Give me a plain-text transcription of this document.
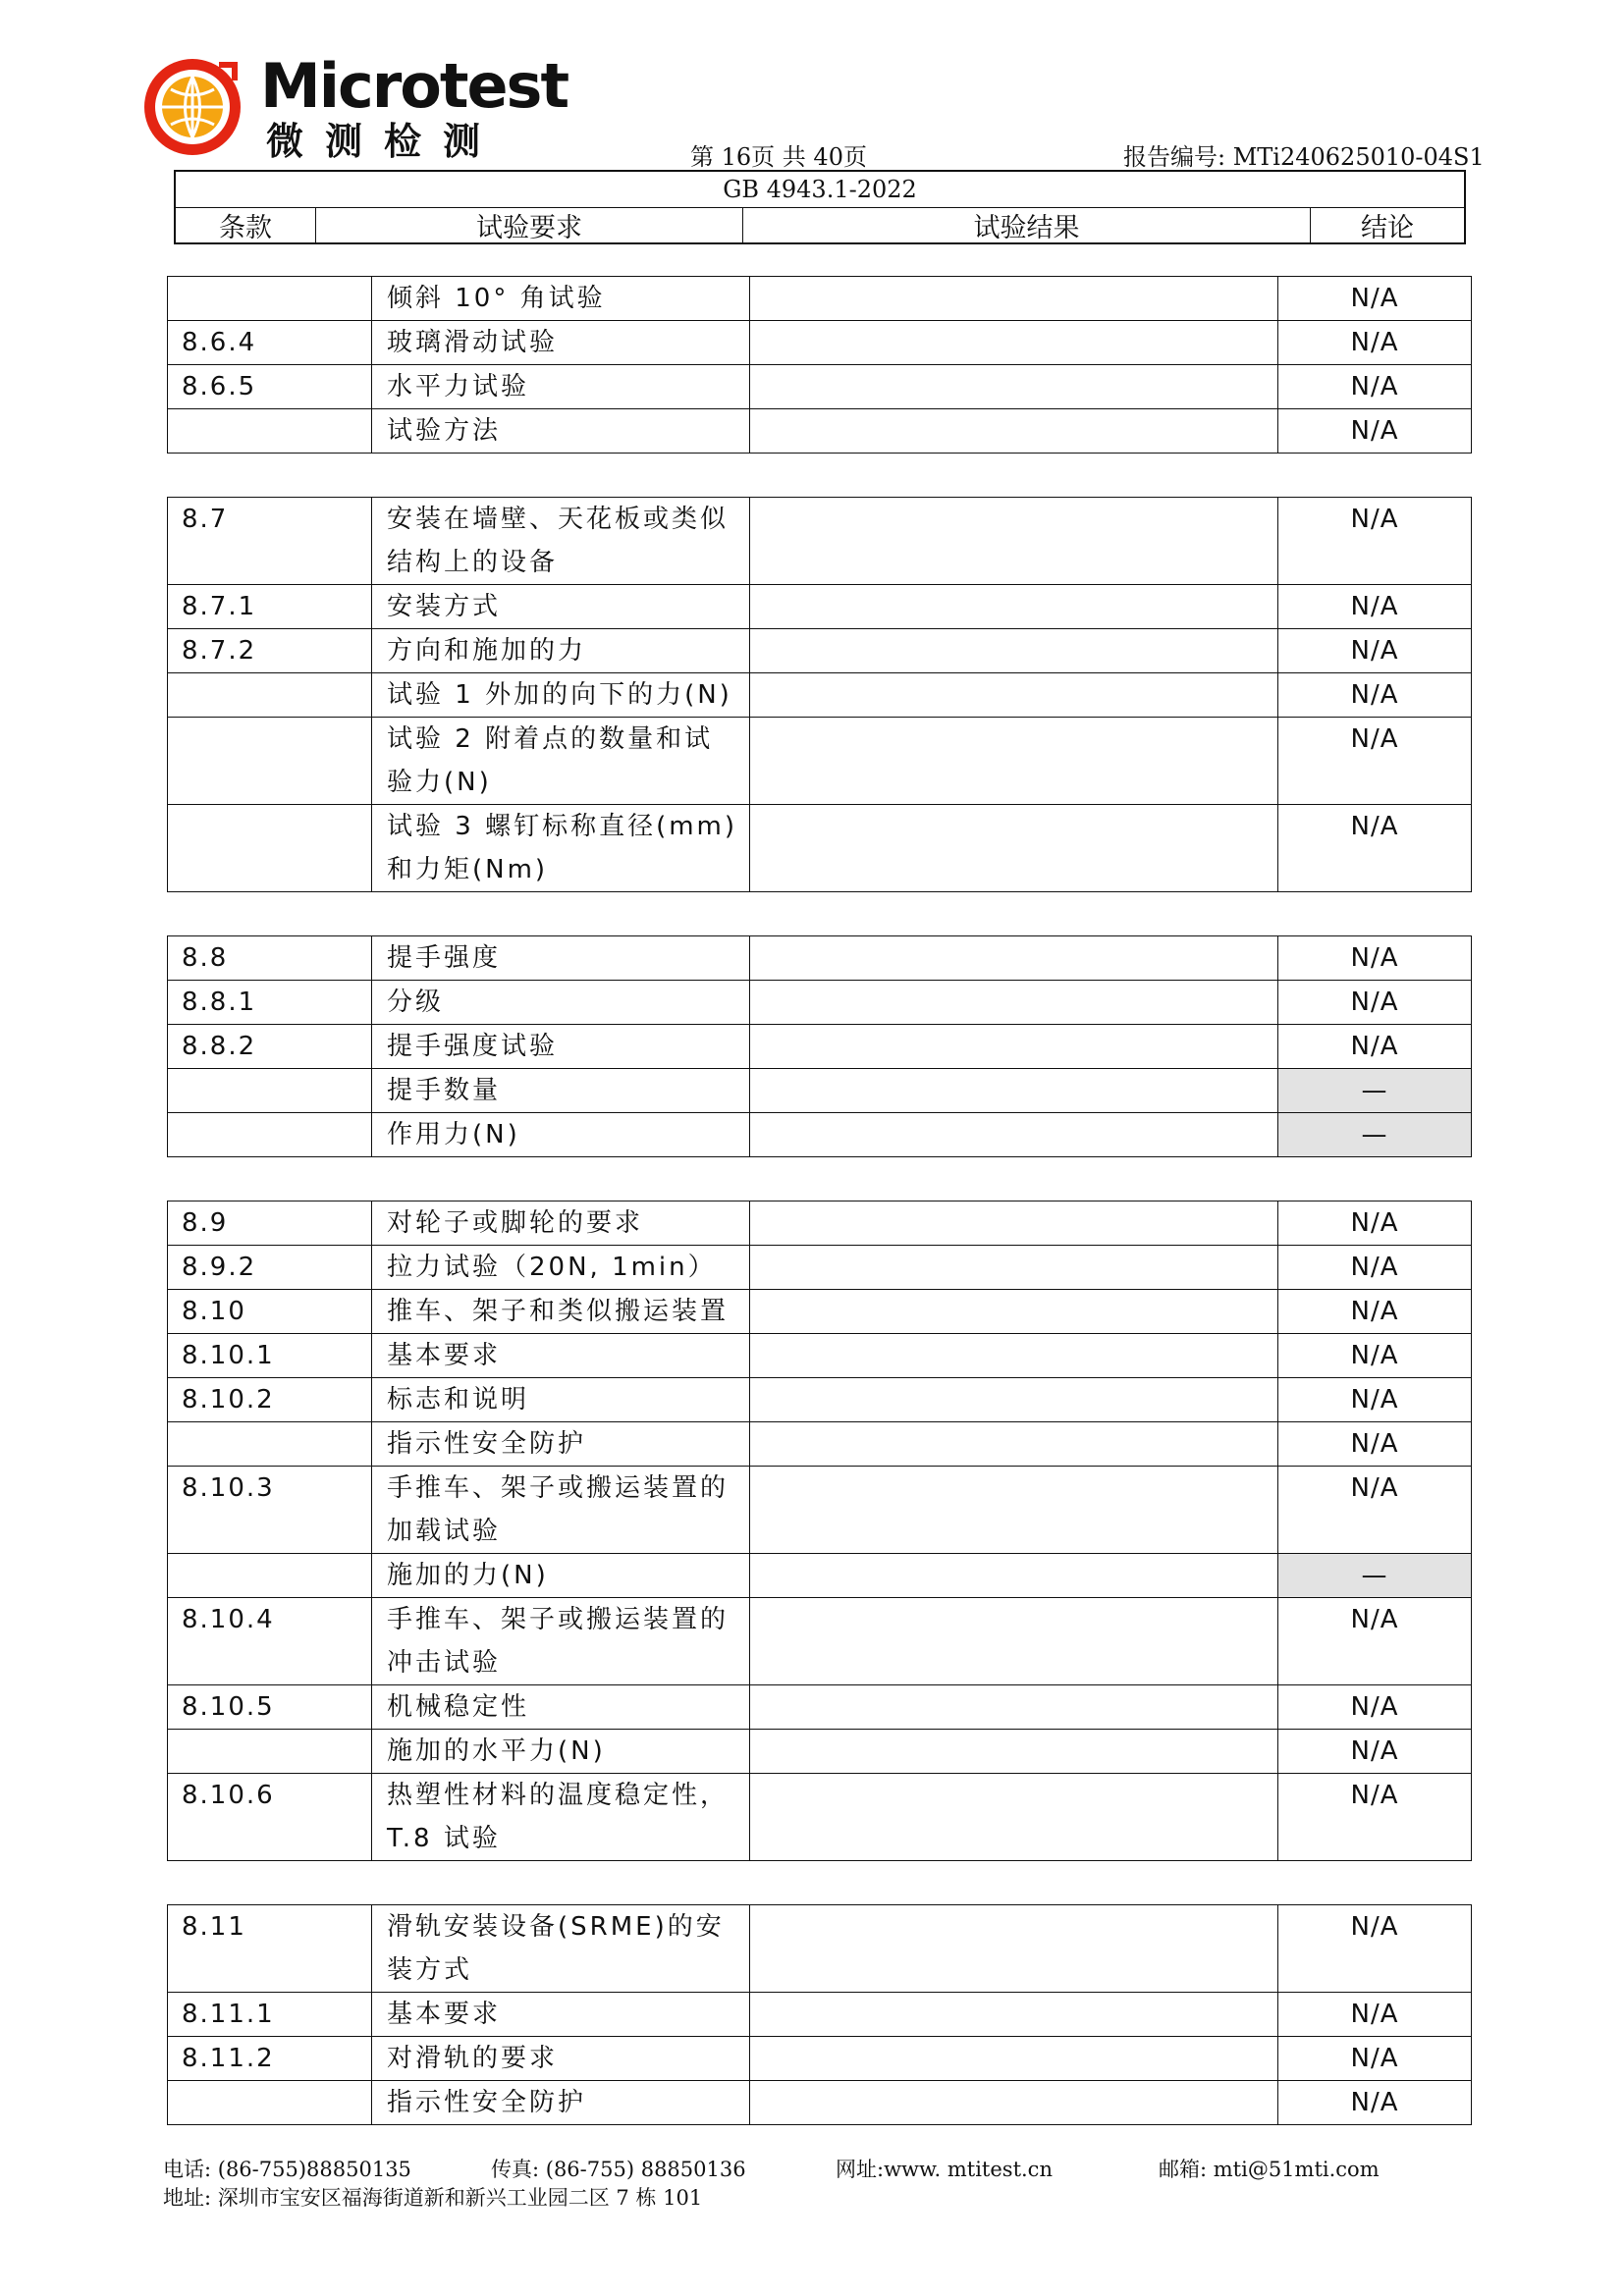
Microtest
微测检测	第 16页 共 40页	报告编号: MTi240625010-04S1
GB 4943.1-2022
条款	试验要求	试验结果	结论
	倾斜 10° 角试验		N/A
8.6.4	玻璃滑动试验		N/A
8.6.5	水平力试验		N/A
	试验方法		N/A
8.7	安装在墙壁、天花板或类似结构上的设备		N/A
8.7.1	安装方式		N/A
8.7.2	方向和施加的力		N/A
	试验 1 外加的向下的力(N)		N/A
	试验 2 附着点的数量和试验力(N)		N/A
	试验 3 螺钉标称直径(mm)和力矩(Nm)		N/A
8.8	提手强度		N/A
8.8.1	分级		N/A
8.8.2	提手强度试验		N/A
	提手数量		—
	作用力(N)		—
8.9	对轮子或脚轮的要求		N/A
8.9.2	拉力试验（20N, 1min）		N/A
8.10	推车、架子和类似搬运装置		N/A
8.10.1	基本要求		N/A
8.10.2	标志和说明		N/A
	指示性安全防护		N/A
8.10.3	手推车、架子或搬运装置的加载试验		N/A
	施加的力(N)		—
8.10.4	手推车、架子或搬运装置的冲击试验		N/A
8.10.5	机械稳定性		N/A
	施加的水平力(N)		N/A
8.10.6	热塑性材料的温度稳定性，T.8 试验		N/A
8.11	滑轨安装设备(SRME)的安装方式		N/A
8.11.1	基本要求		N/A
8.11.2	对滑轨的要求		N/A
	指示性安全防护		N/A
电话: (86-755)88850135	传真: (86-755) 88850136	网址:www. mtitest.cn	邮箱: mti@51mti.com
地址: 深圳市宝安区福海街道新和新兴工业园二区 7 栋 101
